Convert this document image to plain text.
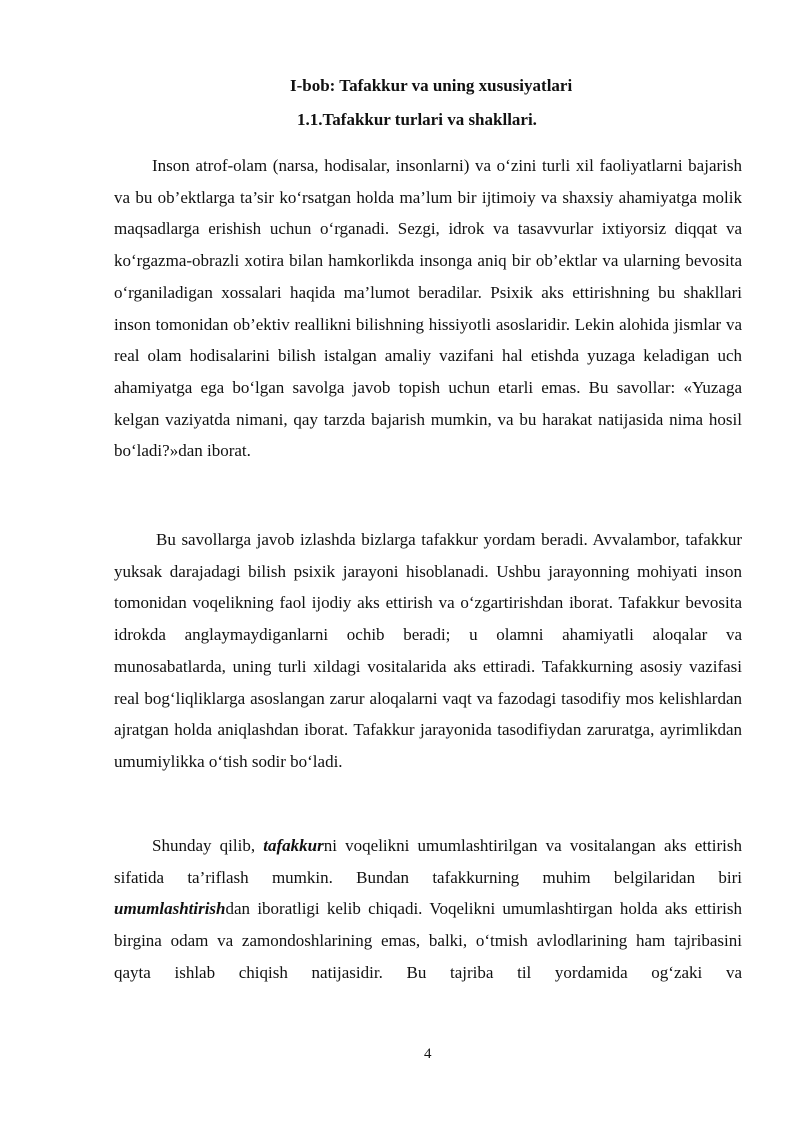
I-bob: Tafakkur va uning xususiyatlari
1.1.Tafakkur turlari va shakllari.

Inson atrof-olam (narsa, hodisalar, insonlarni) va o‘zini turli xil faoliyatlarni bajarish va bu ob’ektlarga ta’sir ko‘rsatgan holda ma’lum bir ijtimoiy va shaxsiy ahamiyatga molik maqsadlarga erishish uchun o‘rganadi. Sezgi, idrok va tasavvurlar ixtiyorsiz diqqat va ko‘rgazma-obrazli xotira bilan hamkorlikda insonga aniq bir ob’ektlar va ularning bevosita o‘rganiladigan xossalari haqida ma’lumot beradilar. Psixik aks ettirishning bu shakllari inson tomonidan ob’ektiv reallikni bilishning hissiyotli asoslaridir. Lekin alohida jismlar va real olam hodisalarini bilish istalgan amaliy vazifani hal etishda yuzaga keladigan uch ahamiyatga ega bo‘lgan savolga javob topish uchun etarli emas. Bu savollar: «Yuzaga kelgan vaziyatda nimani, qay tarzda bajarish mumkin, va bu harakat natijasida nima hosil bo‘ladi?»dan iborat.

Bu savollarga javob izlashda bizlarga tafakkur yordam beradi. Avvalambor, tafakkur yuksak darajadagi bilish psixik jarayoni hisoblanadi. Ushbu jarayonning mohiyati inson tomonidan voqelikning faol ijodiy aks ettirish va o‘zgartirishdan iborat. Tafakkur bevosita idrokda anglaymaydiganlarni ochib beradi; u olamni ahamiyatli aloqalar va munosabatlarda, uning turli xildagi vositalarida aks ettiradi. Tafakkurning asosiy vazifasi real bog‘liqliklarga asoslangan zarur aloqalarni vaqt va fazodagi tasodifiy mos kelishlardan ajratgan holda aniqlashdan iborat. Tafakkur jarayonida tasodifiydan zaruratga, ayrimlikdan umumiylikka o‘tish sodir bo‘ladi.

Shunday qilib, tafakkurni voqelikni umumlashtirilgan va vositalangan aks ettirish sifatida ta’riflash mumkin. Bundan tafakkurning muhim belgilaridan biri umumlashtirishdan iboratligi kelib chiqadi. Voqelikni umumlashtirgan holda aks ettirish birgina odam va zamondoshlarining emas, balki, o‘tmish avlodlarining ham tajribasini qayta ishlab chiqish natijasidir. Bu tajriba til yordamida og‘zaki va

4
